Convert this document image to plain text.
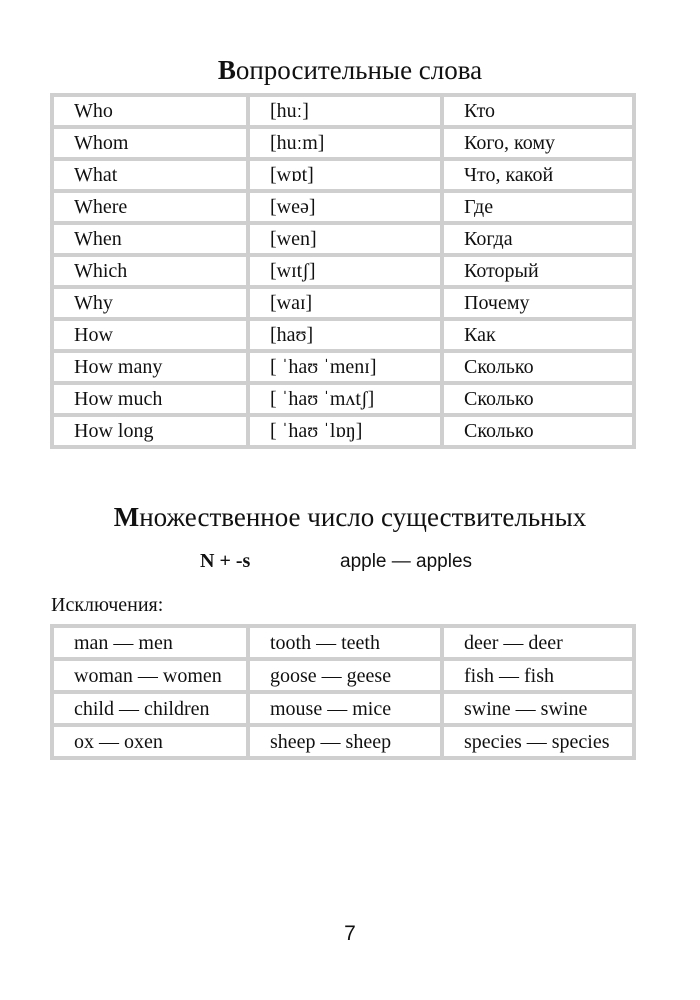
Вопросительные слова
Who	[huː]	Кто
Whom	[huːm]	Кого, кому
What	[wɒt]	Что, какой
Where	[weə]	Где
When	[wen]	Когда
Which	[wɪtʃ]	Который
Why	[waɪ]	Почему
How	[haʊ]	Как
How many	[ ˈhaʊ ˈmenɪ]	Сколько
How much	[ ˈhaʊ ˈmʌtʃ]	Сколько
How long	[ ˈhaʊ ˈlɒŋ]	Сколько
Множественное число существительных
N + -s	apple — apples
Исключения:
man — men	tooth — teeth	deer — deer
woman — women	goose — geese	fish — fish
child — children	mouse — mice	swine — swine
ox — oxen	sheep — sheep	species — species
7
